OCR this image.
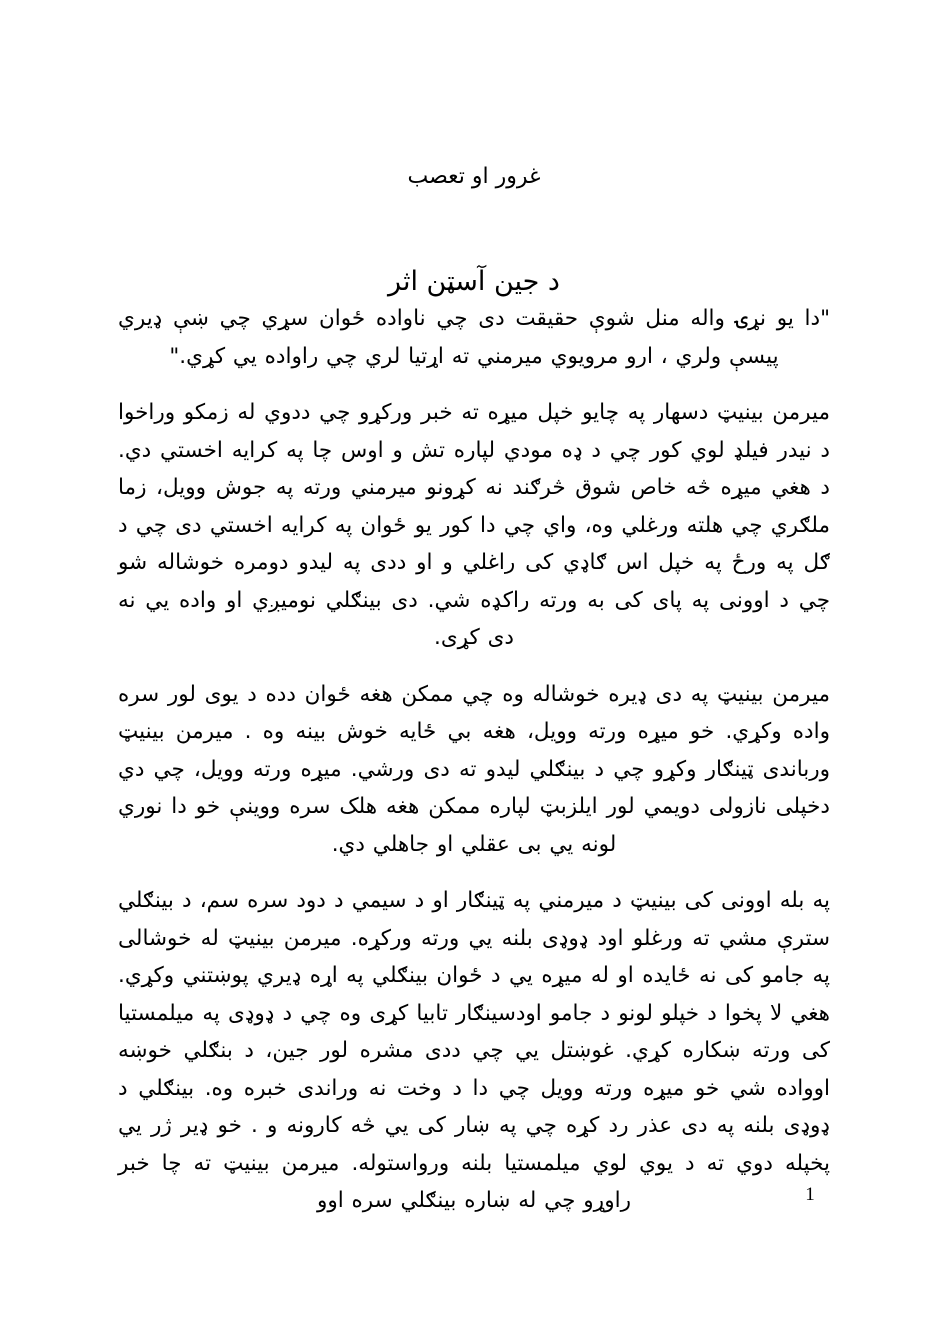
غرور او تعصب
د جین آسټن اثر

"دا يو نړۍ واله منل شوې حقيقت دی چي ناواده ځوان سړي چي ښې ډيري پيسې ولري ، ارو مرويوي ميرمني ته اړتيا لري چي راواده يي کړي."

ميرمن بينيټ دسهار په چايو خپل ميړه ته خبر ورکړو چي ددوي له زمکو وراخوا د نيدر فيلډ لوي کور چي د ډه مودي لپاره تش و اوس چا په کرايه اخستي دي. د هغي ميړه څه خاص شوق څرګند نه کړونو ميرمني ورته په جوش وويل، زما ملګري چي هلته ورغلي وه، واي چي دا کور يو ځوان په کرايه اخستي دی چي د ګل په ورځ په خپل اس ګاډي کی راغلي و او ددی په ليدو دومره خوشاله شو چي د اوونی په پای کی به ورته راکډه شي. دی بينګلي نوميږي او واده يي نه دی کړی.

ميرمن بينيټ په دی ډيره خوشاله وه چي ممکن هغه ځوان دده د يوی لور سره واده وکړي. خو ميړه ورته وويل، هغه بي ځايه خوش بينه وه . ميرمن بينيټ ورباندی ټينګار وکړو چي د بينګلي ليدو ته دی ورشي. ميړه ورته وويل، چي دي دخپلی نازولی دويمي لور ايلزبټ لپاره ممکن هغه هلک سره ووينې خو دا نوري لونه يي بی عقلي او جاهلي دي.

په بله اوونی کی بينيټ د ميرمني په ټينګار او د سيمي د دود سره سم، د بينګلي سترې مشي ته ورغلو اود ډوډی بلنه يي ورته ورکړه. ميرمن بينيټ له خوشالی په جامو کی نه ځايده او له ميړه يي د ځوان بينګلي په اړه ډيري پوښتني وکړي. هغي لا پخوا د خپلو لونو د جامو اودسينګار تابيا کړی وه چي د ډوډی په ميلمستيا کی ورته ښکاره کړي. غوښتل يي چي ددی مشره لور جين، د بنګلي خوښه اوواده شي خو ميړه ورته وويل چي دا د وخت نه وراندی خبره وه. بينګلي د ډوډی بلنه په دی عذر رد کړه چي په ښار کی يي څه کارونه و . خو ډير ژر يي پخپله دوي ته د يوي لوي ميلمستيا بلنه ورواستوله. ميرمن بينيټ ته چا خبر راوړو چي له ښاره بينګلي سره اوو	1
